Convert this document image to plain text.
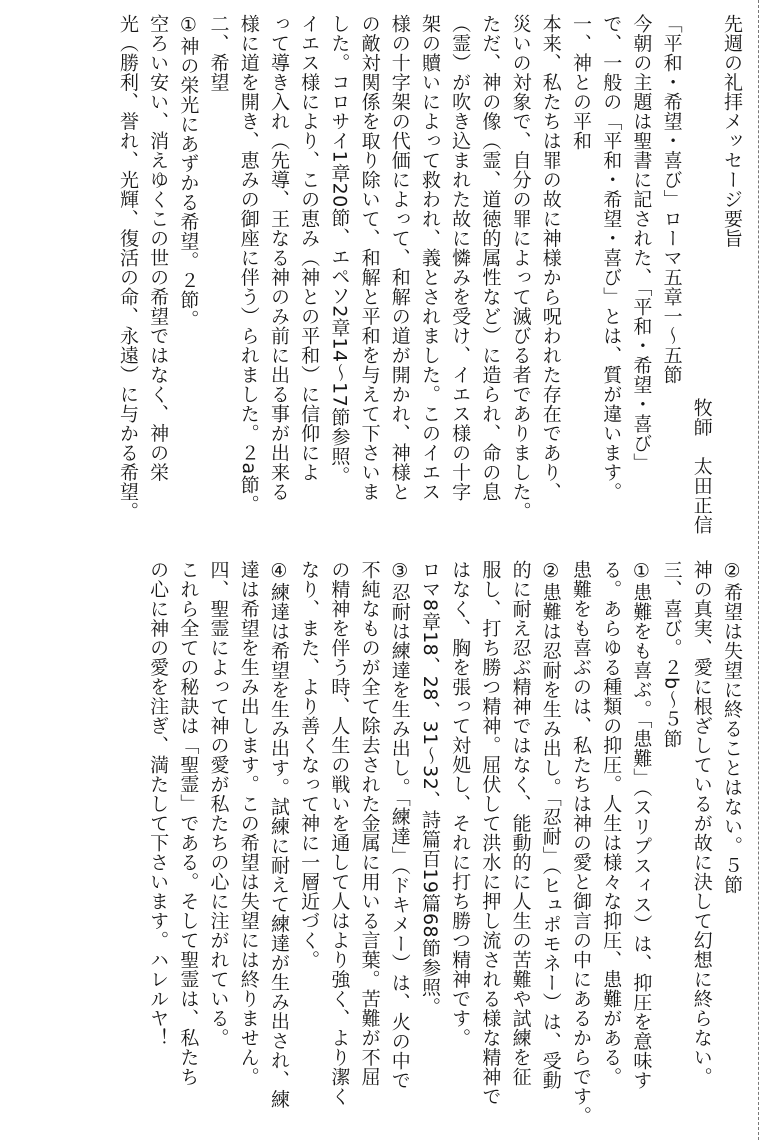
先週の礼拝メッセージ要旨
牧師　太田正信
「平和・希望・喜び」ローマ五章一～五節
今朝の主題は聖書に記された、「平和・希望・喜び」
で、一般の「平和・希望・喜び」とは、質が違います。
一、神との平和
本来、私たちは罪の故に神様から呪われた存在であり、
災いの対象で、自分の罪によって滅びる者でありました。
ただ、神の像（霊、道徳的属性など）に造られ、命の息
（霊）が吹き込まれた故に憐みを受け、イエス様の十字
架の贖いによって救われ、義とされました。このイエス
様の十字架の代価によって、和解の道が開かれ、神様と
の敵対関係を取り除いて、和解と平和を与えて下さいま
した。コロサイ1章20節、エペソ2章14～17節参照。
イエス様により、この恵み（神との平和）に信仰によ
って導き入れ（先導、王なる神のみ前に出る事が出来る
様に道を開き、恵みの御座に伴う）られました。２a節。
二、希望
①神の栄光にあずかる希望。２節。
空ろい安い、消えゆくこの世の希望ではなく、神の栄
光（勝利、誉れ、光輝、復活の命、永遠）に与かる希望。
②希望は失望に終ることはない。５節
神の真実、愛に根ざしているが故に決して幻想に終らない。
三、喜び。２b～５節
①患難をも喜ぶ。「患難」（スリプスィス）は、抑圧を意味す
る。あらゆる種類の抑圧。人生は様々な抑圧、患難がある。
患難をも喜ぶのは、私たちは神の愛と御言の中にあるからです。
②患難は忍耐を生み出し。「忍耐」（ヒュポモネー）は、受動
的に耐え忍ぶ精神ではなく、能動的に人生の苦難や試練を征
服し、打ち勝つ精神。屈伏して洪水に押し流される様な精神で
はなく、胸を張って対処し、それに打ち勝つ精神です。
ロマ8章18、28、31～32、詩篇百19篇68節参照。
③忍耐は練達を生み出し。「練達」（ドキメー）は、火の中で
不純なものが全て除去された金属に用いる言葉。苦難が不屈
の精神を伴う時、人生の戦いを通して人はより強く、より潔く
なり、また、より善くなって神に一層近づく。
④練達は希望を生み出す。試練に耐えて練達が生み出され、練
達は希望を生み出します。この希望は失望には終りません。
四、聖霊によって神の愛が私たちの心に注がれている。
これら全ての秘訣は「聖霊」である。そして聖霊は、私たち
の心に神の愛を注ぎ、満たして下さいます。ハレルヤ！
